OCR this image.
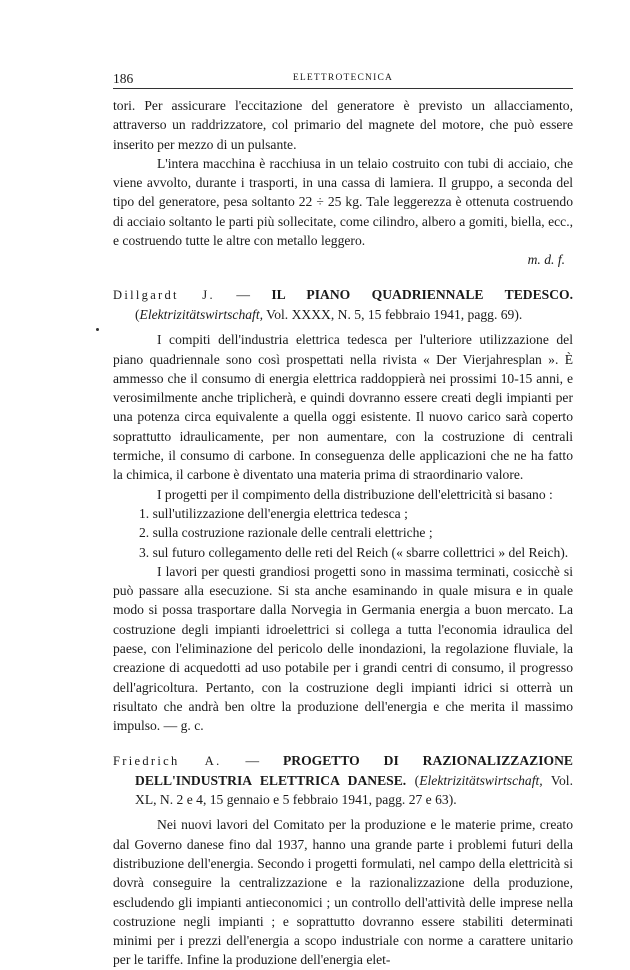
186	ELETTROTECNICA

tori. Per assicurare l'eccitazione del generatore è previsto un allacciamento, attraverso un raddrizzatore, col primario del magnete del motore, che può essere inserito per mezzo di un pulsante.

L'intera macchina è racchiusa in un telaio costruito con tubi di acciaio, che viene avvolto, durante i trasporti, in una cassa di lamiera. Il gruppo, a seconda del tipo del generatore, pesa soltanto 22 ÷ 25 kg. Tale leggerezza è ottenuta costruendo di acciaio soltanto le parti più sollecitate, come cilindro, albero a gomiti, biella, ecc., e costruendo tutte le altre con metallo leggero.

m. d. f.

Dillgardt J. — IL PIANO QUADRIENNALE TEDESCO. (Elektrizitätswirtschaft, Vol. XXXX, N. 5, 15 febbraio 1941, pagg. 69).

I compiti dell'industria elettrica tedesca per l'ulteriore utilizzazione del piano quadriennale sono così prospettati nella rivista « Der Vierjahresplan ». È ammesso che il consumo di energia elettrica raddoppierà nei prossimi 10-15 anni, e verosimilmente anche triplicherà, e quindi dovranno essere creati degli impianti per una potenza circa equivalente a quella oggi esistente. Il nuovo carico sarà coperto soprattutto idraulicamente, per non aumentare, con la costruzione di centrali termiche, il consumo di carbone. In conseguenza delle applicazioni che ne ha fatto la chimica, il carbone è diventato una materia prima di straordinario valore.

I progetti per il compimento della distribuzione dell'elettricità si basano :

1. sull'utilizzazione dell'energia elettrica tedesca ;

2. sulla costruzione razionale delle centrali elettriche ;

3. sul futuro collegamento delle reti del Reich (« sbarre collettrici » del Reich).

I lavori per questi grandiosi progetti sono in massima terminati, cosicchè si può passare alla esecuzione. Si sta anche esaminando in quale misura e in quale modo si possa trasportare dalla Norvegia in Germania energia a buon mercato. La costruzione degli impianti idroelettrici si collega a tutta l'economia idraulica del paese, con l'eliminazione del pericolo delle inondazioni, la regolazione fluviale, la creazione di acquedotti ad uso potabile per i grandi centri di consumo, il progresso dell'agricoltura. Pertanto, con la costruzione degli impianti idrici si otterrà un risultato che andrà ben oltre la produzione dell'energia e che merita il massimo impulso. — g. c.

Friedrich A. — PROGETTO DI RAZIONALIZZAZIONE DELL'INDUSTRIA ELETTRICA DANESE. (Elektrizitätswirtschaft, Vol. XL, N. 2 e 4, 15 gennaio e 5 febbraio 1941, pagg. 27 e 63).

Nei nuovi lavori del Comitato per la produzione e le materie prime, creato dal Governo danese fino dal 1937, hanno una grande parte i problemi futuri della distribuzione dell'energia. Secondo i progetti formulati, nel campo della elettricità si dovrà conseguire la centralizzazione e la razionalizzazione della produzione, escludendo gli impianti antieconomici ; un controllo dell'attività delle imprese nella costruzione negli impianti ; e soprattutto dovranno essere stabiliti determinati minimi per i prezzi dell'energia a scopo industriale con norme a carattere unitario per le tariffe. Infine la produzione dell'energia elet-
